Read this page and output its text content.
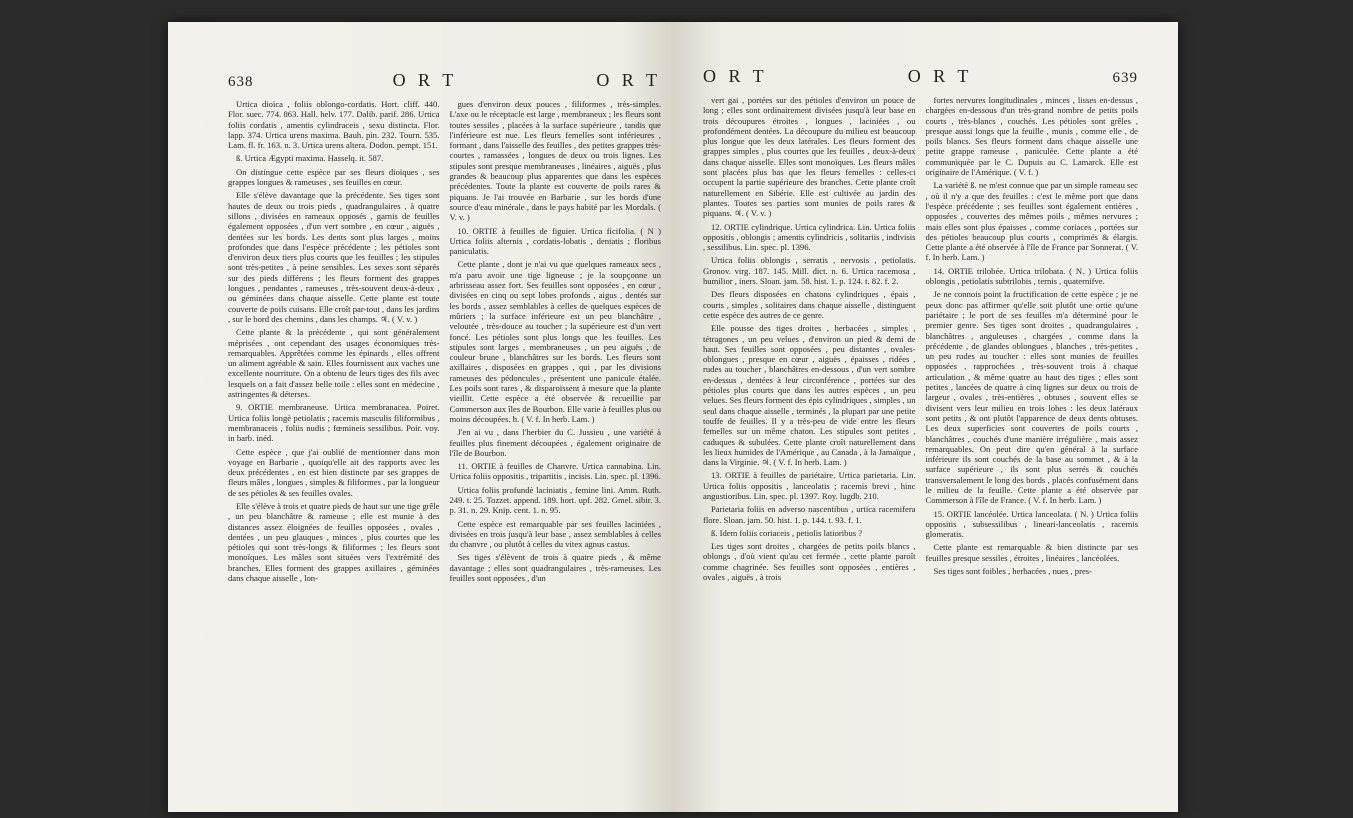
638	O R T	O R T

Urtica dioïca , foliis oblongo-cordatis. Hort. cliff. 440. Flor. suec. 774. 863. Hall. helv. 177. Dalib. parif. 286. Urtica foliis cordatis , amentis cylindraceis , sexu distincta. Flor. lapp. 374. Urtica urens maxima. Bauh. pin. 232. Tourn. 535. Lam. fl. fr. 163. n. 3. Urtica urens altera. Dodon. pempt. 151.

ß. Urtica Ægypti maxima. Hasselq. it. 587.

On distingue cette espèce par ses fleurs dioïques , ses grappes longues & rameuses , ses feuilles en cœur.

Elle s'élève davantage que la précédente. Ses tiges sont hautes de deux ou trois pieds , quadrangulaires , à quatre sillons , divisées en rameaux opposés , garnis de feuilles également opposées , d'un vert sombre , en cœur , aiguës , dentées sur les bords. Les dents sont plus larges , moins profondes que dans l'espèce précédente ; les pétioles sont d'environ deux tiers plus courts que les feuilles ; les stipules sont très-petites , à peine sensibles. Les sexes sont séparés sur des pieds différens ; les fleurs forment des grappes longues , pendantes , rameuses , très-souvent deux-à-deux , ou géminées dans chaque aisselle. Cette plante est toute couverte de poils cuisans. Elle croît par-tout , dans les jardins , sur le bord des chemins , dans les champs. ♃. ( V. v. )

Cette plante & la précédente , qui sont généralement méprisées , ont cependant des usages économiques très-remarquables. Apprêtées comme les épinards , elles offrent un aliment agréable & sain. Elles fournissent aux vaches une excellente nourriture. On a obtenu de leurs tiges des fils avec lesquels on a fait d'assez belle toile : elles sont en médecine , astringentes & déterses.

9. ORTIE membraneuse. Urtica membranacea. Poiret. Urtica foliis longè petiolatis ; racemis masculis filiformibus , membranaceis , foliis nudis ; fœmineis sessilibus. Poir. voy. in barb. inéd.

Cette espèce , que j'ai oublié de mentionner dans mon voyage en Barbarie , quoiqu'elle ait des rapports avec les deux précédentes , en est bien distincte par ses grappes de fleurs mâles , longues , simples & filiformes , par la longueur de ses pétioles & ses feuilles ovales.

Elle s'élève à trois et quatre pieds de haut sur une tige grêle , un peu blanchâtre & rameuse ; elle est munie à des distances assez éloignées de feuilles opposées , ovales , dentées , un peu glauques , minces , plus courtes que les pétioles qui sont très-longs & filiformes ; les fleurs sont monoïques. Les mâles sont situées vers l'extrémité des branches. Elles forment des grappes axillaires , géminées dans chaque aisselle , lon-

gues d'environ deux pouces , filiformes , très-simples. L'axe ou le réceptacle est large , membraneux ; les fleurs sont toutes sessiles , placées à la surface supérieure , tandis que l'inférieure est nue. Les fleurs femelles sont inférieures , formant , dans l'aisselle des feuilles , des petites grappes très-courtes , ramassées , longues de deux ou trois lignes. Les stipules sont presque membraneuses , linéaires , aiguës , plus grandes & beaucoup plus apparentes que dans les espèces précédentes. Toute la plante est couverte de poils rares & piquans. Je l'ai trouvée en Barbarie , sur les bords d'une source d'eau minérale , dans le pays habité par les Mordals. ( V. v. )

10. ORTIE à feuilles de figuier. Urtica ficifolia. ( N ) Urtica foliis alternis , cordatis-lobatis , dentatis ; floribus paniculatis.

Cette plante , dont je n'ai vu que quelques rameaux secs , m'a paru avoir une tige ligneuse ; je la soupçonne un arbrisseau assez fort. Ses feuilles sont opposées , en cœur , divisées en cinq ou sept lobes profonds , aigus , dentés sur les bords , assez semblables à celles de quelques espèces de mûriers ; la surface inférieure est un peu blanchâtre , veloutée , très-douce au toucher ; la supérieure est d'un vert foncé. Les pétioles sont plus longs que les feuilles. Les stipules sont larges , membraneuses , un peu aiguës , de couleur brune , blanchâtres sur les bords. Les fleurs sont axillaires , disposées en grappes , qui , par les divisions rameuses des pédoncules , présentent une panicule étalée. Les poils sont rares , & disparoissent à mesure que la plante vieillit. Cette espèce a été observée & recueillie par Commerson aux îles de Bourbon. Elle varie à feuilles plus ou moins découpées. ħ. ( V. f. In herb. Lam. )

J'en ai vu , dans l'herbier du C. Jussieu , une variété à feuilles plus finement découpées , également originaire de l'île de Bourbon.

11. ORTIE à feuilles de Chanvre. Urtica cannabina. Lin. Urtica foliis oppositis , tripartitis , incisis. Lin. spec. pl. 1396.

Urtica foliis profundè laciniatis , femine lini. Amm. Ruth. 249. t. 25. Tozzet. append. 189. hort. upf. 282. Gmel. sibir. 3. p. 31. n. 29. Knip. cent. 1. n. 95.

Cette espèce est remarquable par ses feuilles laciniées , divisées en trois jusqu'à leur base , assez semblables à celles du chanvre , ou plutôt à celles du vitex agnus castus.

Ses tiges s'élèvent de trois à quatre pieds , & même davantage ; elles sont quadrangulaires , très-rameuses. Les feuilles sont opposées , d'un

O R T	O R T	639

vert gai , portées sur des pétioles d'environ un pouce de long ; elles sont ordinairement divisées jusqu'à leur base en trois découpures étroites , longues , laciniées , ou profondément dentées. La découpure du milieu est beaucoup plus longue que les deux latérales. Les fleurs forment des grappes simples , plus courtes que les feuilles , deux-à-deux dans chaque aisselle. Elles sont monoïques. Les fleurs mâles sont placées plus bas que les fleurs femelles : celles-ci occupent la partie supérieure des branches. Cette plante croît naturellement en Sibérie. Elle est cultivée au jardin des plantes. Toutes ses parties sont munies de poils rares & piquans. ♃. ( V. v. )

12. ORTIE cylindrique. Urtica cylindrica. Lin. Urtica foliis oppositis , oblongis ; amentis cylindricis , solitariis , indivisis , sessilibus. Lin. spec. pl. 1396.

Urtica foliis oblongis , serratis , nervosis , petiolatis. Gronov. virg. 187. 145. Mill. dict. n. 6. Urtica racemosa , humilior , iners. Sloan. jam. 58. hist. 1. p. 124. t. 82. f. 2.

Des fleurs disposées en chatons cylindriques , épais , courts , simples , solitaires dans chaque aisselle , distinguent cette espèce des autres de ce genre.

Elle pousse des tiges droites , herbacées , simples , tétragones , un peu velues , d'environ un pied & demi de haut. Ses feuilles sont opposées , peu distantes , ovales-oblongues , presque en cœur , aiguës , épaisses , ridées , rudes au toucher , blanchâtres en-dessous , d'un vert sombre en-dessus , dentées à leur circonférence , portées sur des pétioles plus courts que dans les autres espèces , un peu velues. Ses fleurs forment des épis cylindriques , simples , un seul dans chaque aisselle , terminés , la plupart par une petite touffe de feuilles. Il y a très-peu de vide entre les fleurs femelles sur un même chaton. Les stipules sont petites , caduques & subulées. Cette plante croît naturellement dans les lieux humides de l'Amérique , au Canada , à la Jamaïque , dans la Virginie. ♃. ( V. f. In herb. Lam. )

13. ORTIE à feuilles de pariétaire. Urtica parietaria. Lin. Urtica foliis oppositis , lanceolatis ; racemis brevi , hinc angustioribus. Lin. spec. pl. 1397. Roy. lugdb. 210.

Parietaria foliis en adverso nascentibus , urtica racemifera flore. Sloan. jam. 50. hist. 1. p. 144. t. 93. f. 1.

ß. Idem foliis coriaceis , petiolis latioribus ?

Les tiges sont droites , chargées de petits poils blancs , oblongs , d'où vient qu'au cet fermée , cette plante paroît comme chagrinée. Ses feuilles sont opposées , entières , ovales , aiguës , à trois

fortes nervures longitudinales , minces , lisses en-dessus , chargées en-dessous d'un très-grand nombre de petits poils courts , très-blancs , couchés. Les pétioles sont grêles , presque aussi longs que la feuille , munis , comme elle , de poils blancs. Ses fleurs forment dans chaque aisselle une petite grappe rameuse , paniculée. Cette plante a été communiquée par le C. Dupuis au C. Lamarck. Elle est originaire de l'Amérique. ( V. f. )

La variété ß. ne m'est connue que par un simple rameau sec , où il n'y a que des feuilles : c'est le même port que dans l'espèce précédente ; ses feuilles sont également entières , opposées , couvertes des mêmes poils , mêmes nervures ; mais elles sont plus épaisses , comme coriaces , portées sur des pétioles beaucoup plus courts , comprimés & élargis. Cette plante a été observée à l'île de France par Sonnerat. ( V. f. In herb. Lam. )

14. ORTIE trilobée. Urtica trilobata. ( N. ) Urtica foliis oblongis , petiolatis subtrilobis , ternis , quaternifve.

Je ne connois point la fructification de cette espèce ; je ne peux donc pas affirmer qu'elle soit plutôt une ortie qu'une pariétaire ; le port de ses feuilles m'a déterminé pour le premier genre. Ses tiges sont droites , quadrangulaires , blanchâtres , anguleuses , chargées , comme dans la précédente , de glandes oblongues , blanches , très-petites , un peu rudes au toucher : elles sont munies de feuilles opposées , rapprochées , très-souvent trois à chaque articulation , & même quatre au haut des tiges ; elles sont petites , lancées de quatre à cinq lignes sur deux ou trois de largeur , ovales , très-entières , obtuses , souvent elles se divisent vers leur milieu en trois lobes : les deux latéraux sont petits , & ont plutôt l'apparence de deux dents obtuses. Les deux superficies sont couvertes de poils courts , blanchâtres , couchés d'une manière irrégulière , mais assez remarquables. On peut dire qu'en général à la surface inférieure ils sont couchés de la base au sommet , & à la surface supérieure , ils sont plus serrés & couchés transversalement le long des bords , placés confusément dans le milieu de la feuille. Cette plante a été observée par Commerson à l'île de France. ( V. f. In herb. Lam. )

15. ORTIE lancéolée. Urtica lanceolata. ( N. ) Urtica foliis oppositis , subsessilibus , lineari-lanceolatis , racemis glomeratis.

Cette plante est remarquable & bien distincte par ses feuilles presque sessiles , étroites , linéaires , lancéolées.

Ses tiges sont foibles , herbacées , nues , pres-
